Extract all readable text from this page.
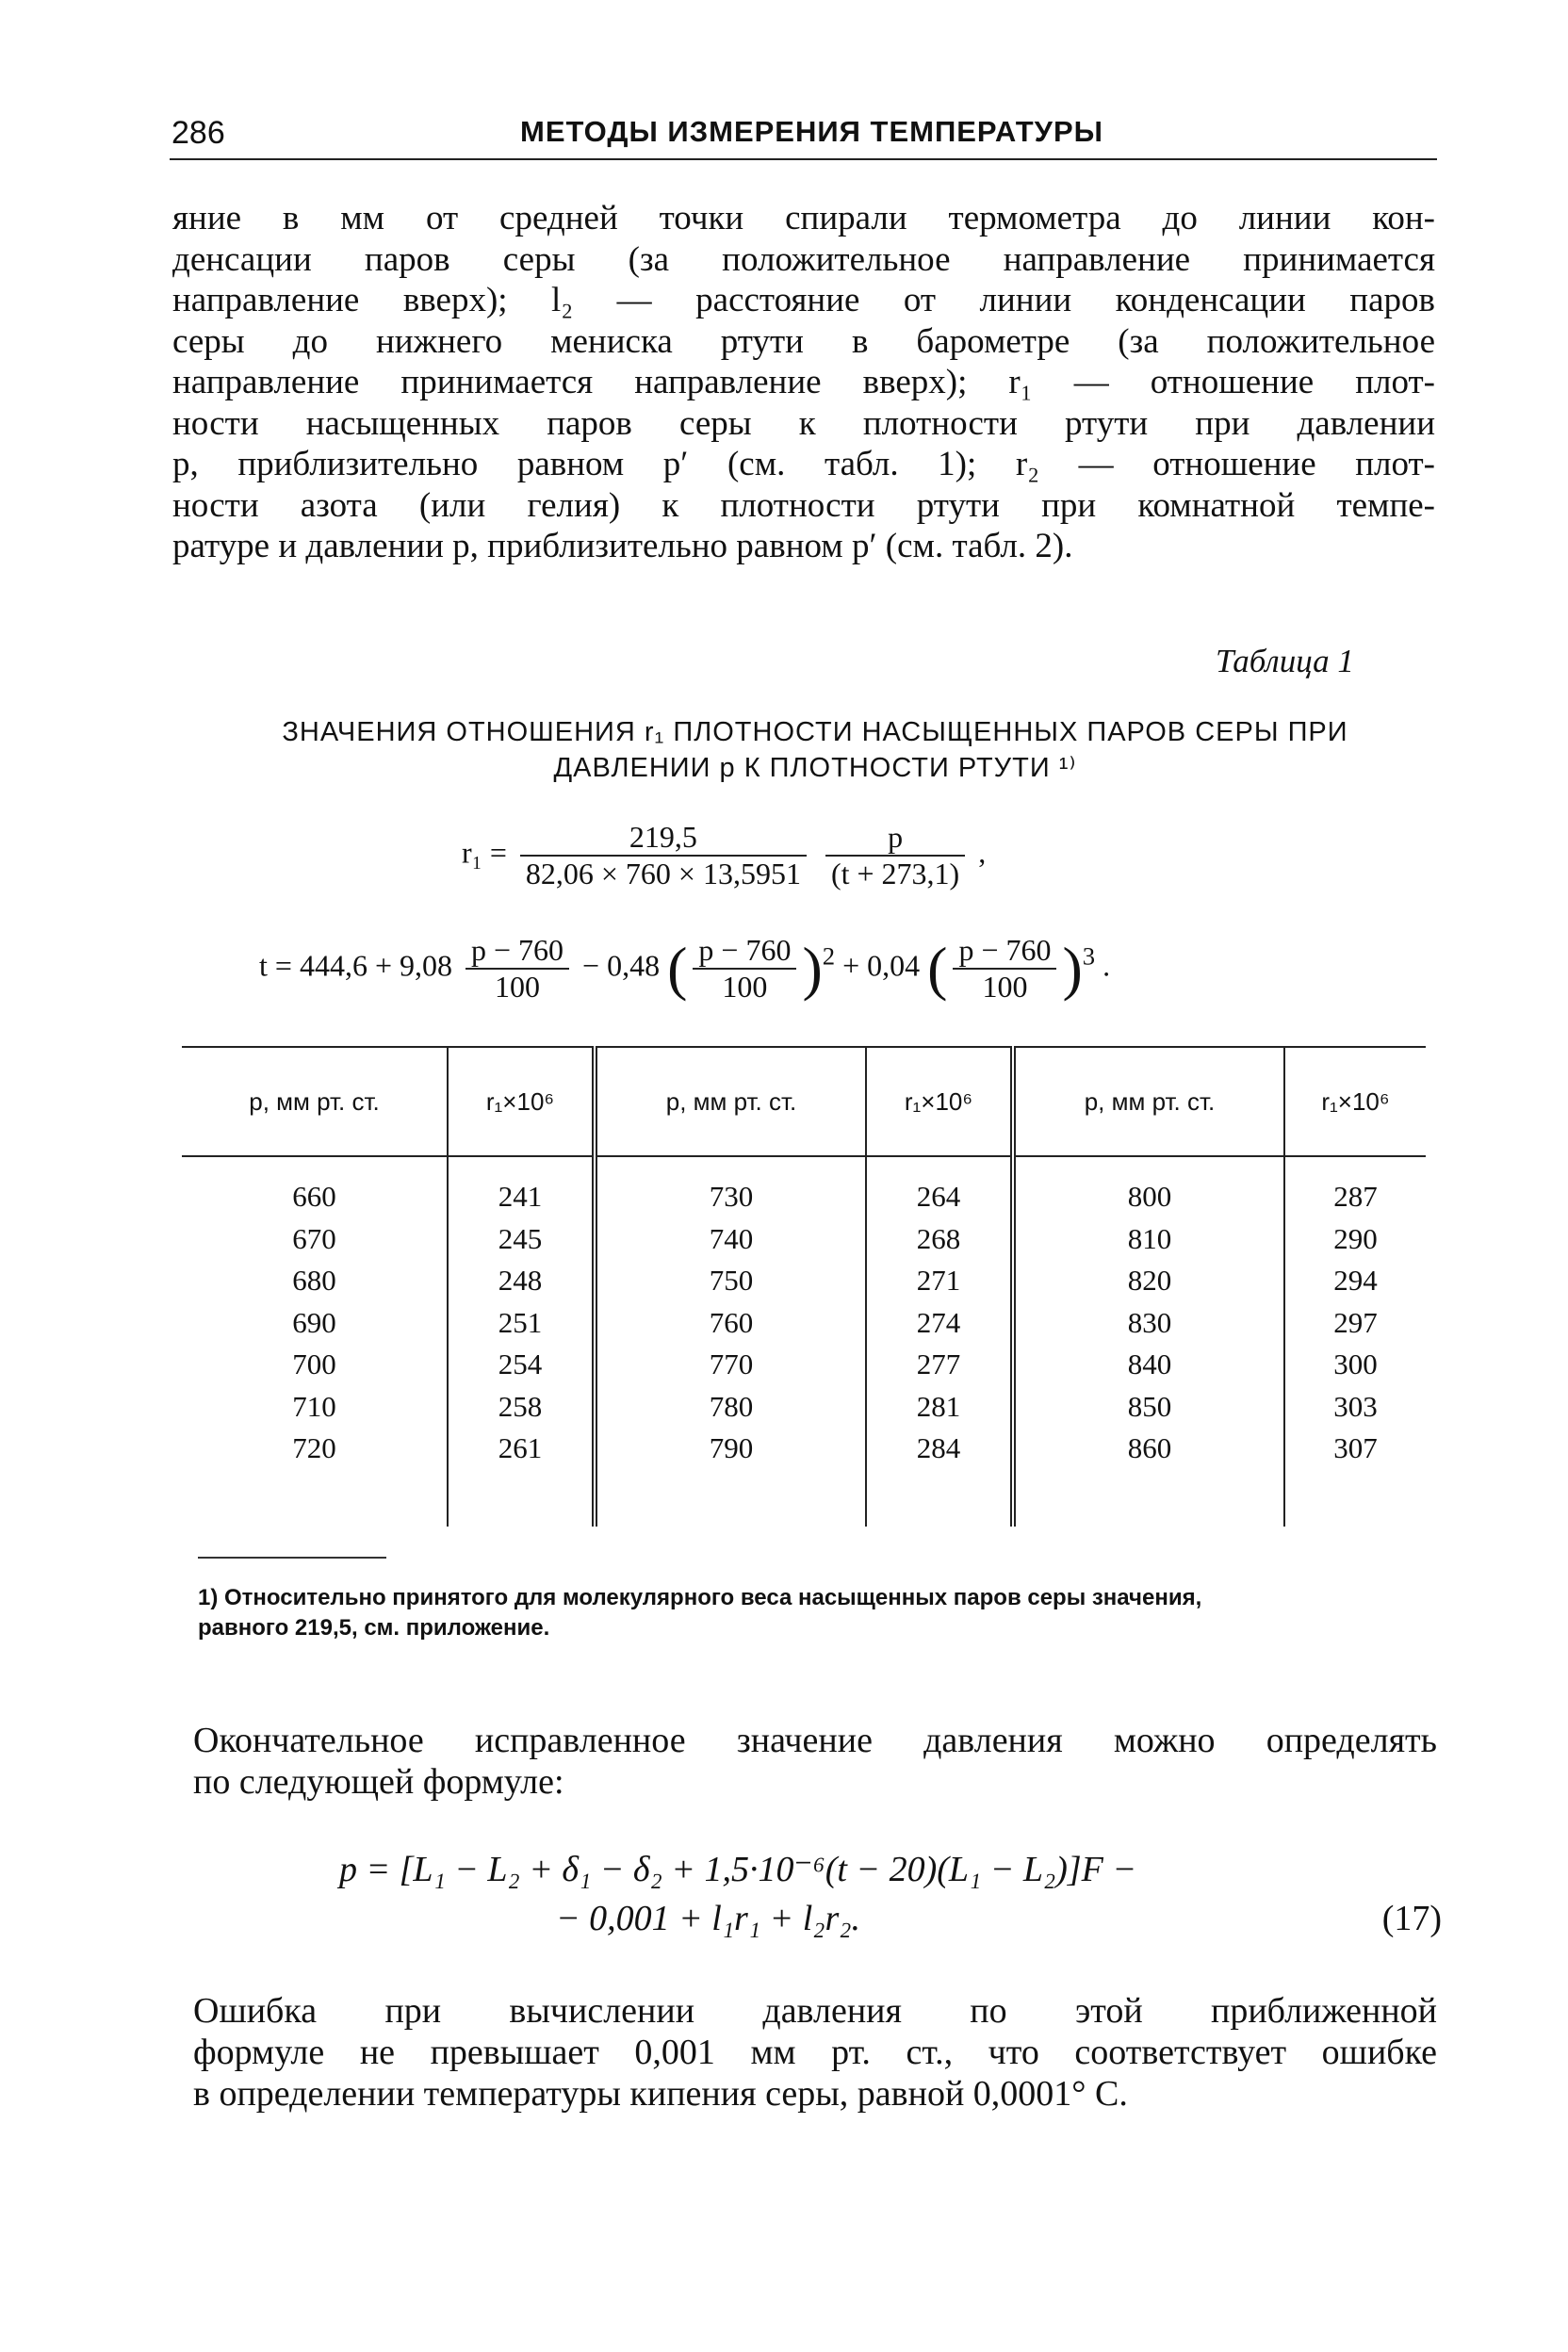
286	МЕТОДЫ ИЗМЕРЕНИЯ ТЕМПЕРАТУРЫ
яние в мм от средней точки спирали термометра до линии кон-
денсации паров серы (за положительное направление принимается
направление вверх); l₂ — расстояние от линии конденсации паров
серы до нижнего мениска ртути в барометре (за положительное
направление принимается направление вверх); r₁ — отношение плот-
ности насыщенных паров серы к плотности ртути при давлении
p, приблизительно равном p′ (см. табл. 1); r₂ — отношение плот-
ности азота (или гелия) к плотности ртути при комнатной темпе-
ратуре и давлении p, приблизительно равном p′ (см. табл. 2).
Таблица 1
ЗНАЧЕНИЯ ОТНОШЕНИЯ r₁ ПЛОТНОСТИ НАСЫЩЕННЫХ ПАРОВ СЕРЫ ПРИ
ДАВЛЕНИИ p К ПЛОТНОСТИ РТУТИ ¹⁾
$r_1 = \frac{219,5}{82,06 \times 760 \times 13,5951}$
$\frac{p}{(t + 273,1)}$ ,
$t = 444,6 + 9,08 \frac{p - 760}{100} - 0,48$ ( $\frac{p - 760}{100} )^2 + 0,04$ ( $\frac{p - 760}{100} )^3$ .
p, мм рт. ст.	r₁×10⁶	p, мм рт. ст.	r₁×10⁶	p, мм рт. ст.	r₁×10⁶
660	241	730	264	800	287
670	245	740	268	810	290
680	248	750	271	820	294
690	251	760	274	830	297
700	254	770	277	840	300
710	258	780	281	850	303
720	261	790	284	860	307

1) Относительно принятого для молекулярного веса насыщенных паров серы значения,
равного 219,5, см. приложение.
Окончательное исправленное значение давления можно определять
по следующей формуле:
p = [L₁ − L₂ + δ₁ − δ₂ + 1,5·10⁻⁶(t − 20)(L₁ − L₂)]F −
− 0,001 + l₁r₁ + l₂r₂.	(17)
Ошибка при вычислении давления по этой приближенной
формуле не превышает 0,001 мм рт. ст., что соответствует ошибке
в определении температуры кипения серы, равной 0,0001° С.
